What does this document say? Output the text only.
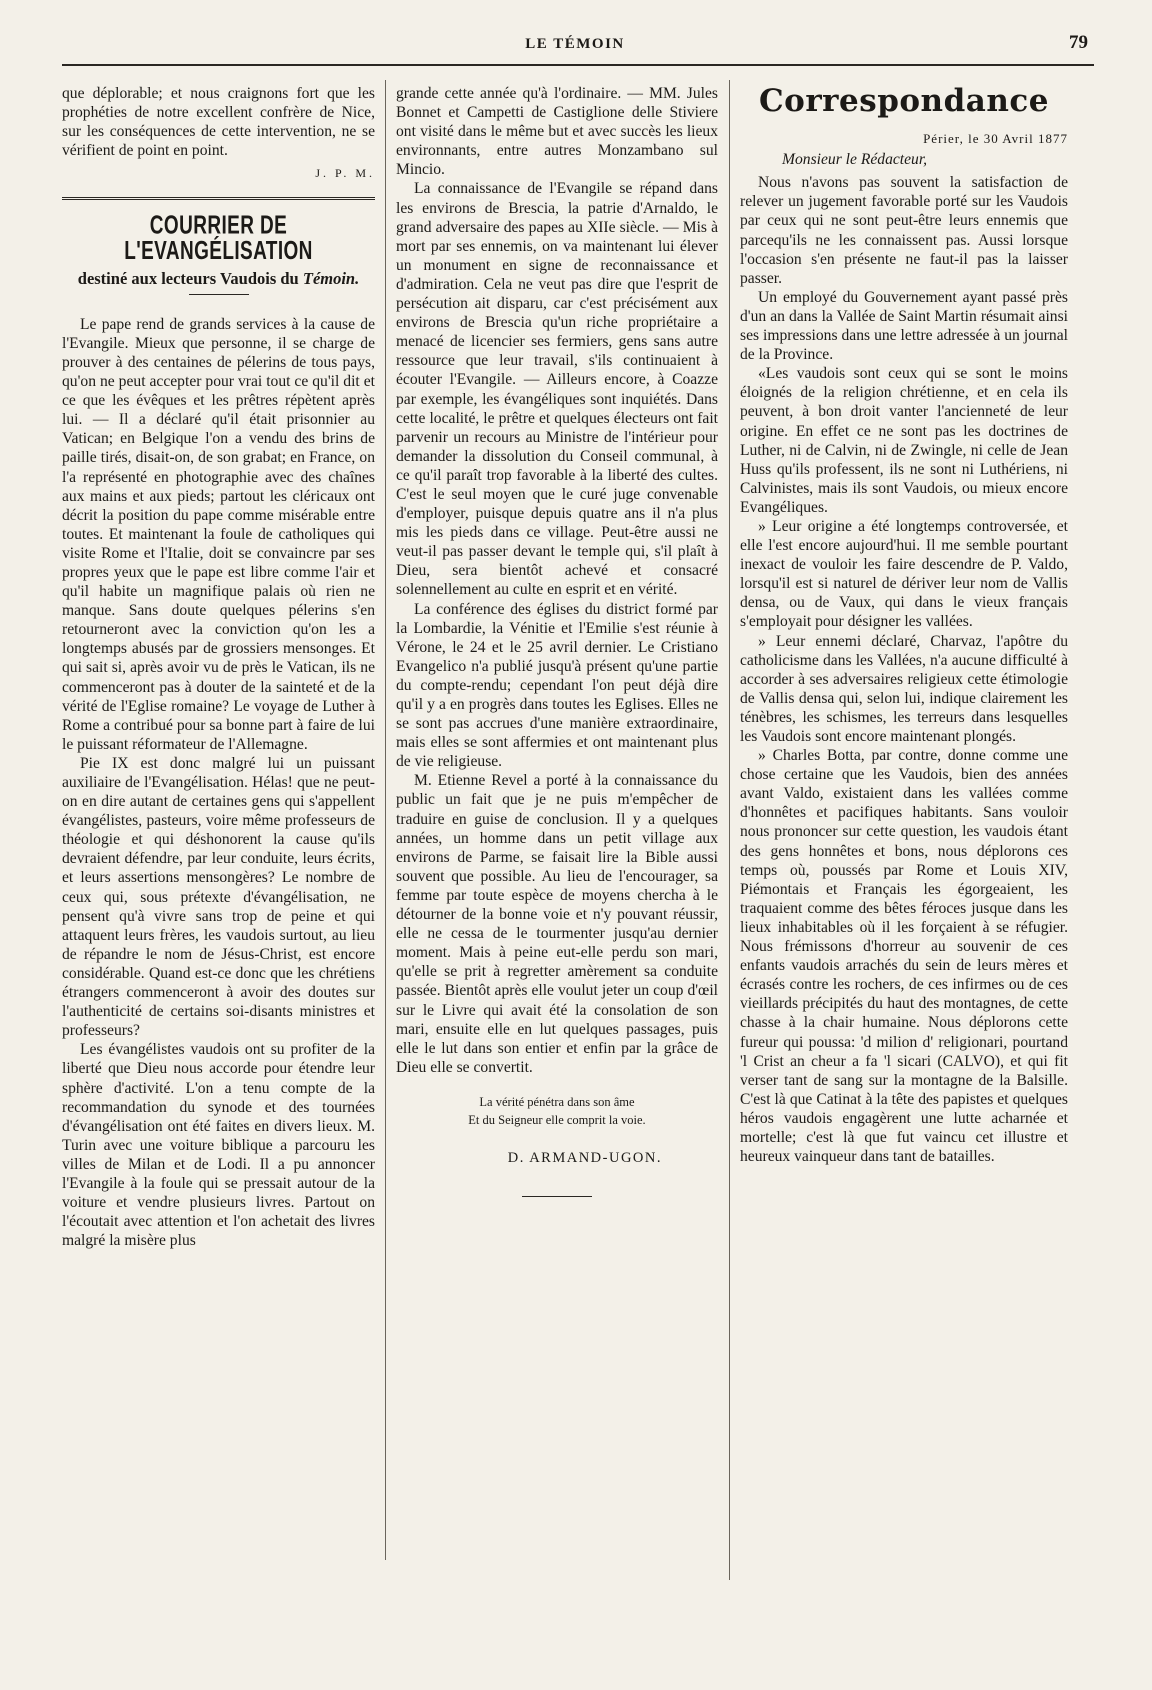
LE TÉMOIN	79

que déplorable; et nous craignons fort que les prophéties de notre excellent confrère de Nice, sur les conséquences de cette intervention, ne se vérifient de point en point.

J. P. M.

COURRIER DE L'EVANGÉLISATION
destiné aux lecteurs Vaudois du Témoin.

Le pape rend de grands services à la cause de l'Evangile. Mieux que personne, il se charge de prouver à des centaines de pélerins de tous pays, qu'on ne peut accepter pour vrai tout ce qu'il dit et ce que les évêques et les prêtres répètent après lui. — Il a déclaré qu'il était prisonnier au Vatican; en Belgique l'on a vendu des brins de paille tirés, disait-on, de son grabat; en France, on l'a représenté en photographie avec des chaînes aux mains et aux pieds; partout les cléricaux ont décrit la position du pape comme misérable entre toutes. Et maintenant la foule de catholiques qui visite Rome et l'Italie, doit se convaincre par ses propres yeux que le pape est libre comme l'air et qu'il habite un magnifique palais où rien ne manque. Sans doute quelques pélerins s'en retourneront avec la conviction qu'on les a longtemps abusés par de grossiers mensonges. Et qui sait si, après avoir vu de près le Vatican, ils ne commenceront pas à douter de la sainteté et de la vérité de l'Eglise romaine? Le voyage de Luther à Rome a contribué pour sa bonne part à faire de lui le puissant réformateur de l'Allemagne.

Pie IX est donc malgré lui un puissant auxiliaire de l'Evangélisation. Hélas! que ne peut-on en dire autant de certaines gens qui s'appellent évangélistes, pasteurs, voire même professeurs de théologie et qui déshonorent la cause qu'ils devraient défendre, par leur conduite, leurs écrits, et leurs assertions mensongères? Le nombre de ceux qui, sous prétexte d'évangélisation, ne pensent qu'à vivre sans trop de peine et qui attaquent leurs frères, les vaudois surtout, au lieu de répandre le nom de Jésus-Christ, est encore considérable. Quand est-ce donc que les chrétiens étrangers commenceront à avoir des doutes sur l'authenticité de certains soi-disants ministres et professeurs?

Les évangélistes vaudois ont su profiter de la liberté que Dieu nous accorde pour étendre leur sphère d'activité. L'on a tenu compte de la recommandation du synode et des tournées d'évangélisation ont été faites en divers lieux. M. Turin avec une voiture biblique a parcouru les villes de Milan et de Lodi. Il a pu annoncer l'Evangile à la foule qui se pressait autour de la voiture et vendre plusieurs livres. Partout on l'écoutait avec attention et l'on achetait des livres malgré la misère plus

grande cette année qu'à l'ordinaire. — MM. Jules Bonnet et Campetti de Castiglione delle Stiviere ont visité dans le même but et avec succès les lieux environnants, entre autres Monzambano sul Mincio.

La connaissance de l'Evangile se répand dans les environs de Brescia, la patrie d'Arnaldo, le grand adversaire des papes au XIIe siècle. — Mis à mort par ses ennemis, on va maintenant lui élever un monument en signe de reconnaissance et d'admiration. Cela ne veut pas dire que l'esprit de persécution ait disparu, car c'est précisément aux environs de Brescia qu'un riche propriétaire a menacé de licencier ses fermiers, gens sans autre ressource que leur travail, s'ils continuaient à écouter l'Evangile. — Ailleurs encore, à Coazze par exemple, les évangéliques sont inquiétés. Dans cette localité, le prêtre et quelques électeurs ont fait parvenir un recours au Ministre de l'intérieur pour demander la dissolution du Conseil communal, à ce qu'il paraît trop favorable à la liberté des cultes. C'est le seul moyen que le curé juge convenable d'employer, puisque depuis quatre ans il n'a plus mis les pieds dans ce village. Peut-être aussi ne veut-il pas passer devant le temple qui, s'il plaît à Dieu, sera bientôt achevé et consacré solennellement au culte en esprit et en vérité.

La conférence des églises du district formé par la Lombardie, la Vénitie et l'Emilie s'est réunie à Vérone, le 24 et le 25 avril dernier. Le Cristiano Evangelico n'a publié jusqu'à présent qu'une partie du compte-rendu; cependant l'on peut déjà dire qu'il y a en progrès dans toutes les Eglises. Elles ne se sont pas accrues d'une manière extraordinaire, mais elles se sont affermies et ont maintenant plus de vie religieuse.

M. Etienne Revel a porté à la connaissance du public un fait que je ne puis m'empêcher de traduire en guise de conclusion. Il y a quelques années, un homme dans un petit village aux environs de Parme, se faisait lire la Bible aussi souvent que possible. Au lieu de l'encourager, sa femme par toute espèce de moyens chercha à le détourner de la bonne voie et n'y pouvant réussir, elle ne cessa de le tourmenter jusqu'au dernier moment. Mais à peine eut-elle perdu son mari, qu'elle se prit à regretter amèrement sa conduite passée. Bientôt après elle voulut jeter un coup d'œil sur le Livre qui avait été la consolation de son mari, ensuite elle en lut quelques passages, puis elle le lut dans son entier et enfin par la grâce de Dieu elle se convertit.

La vérité pénétra dans son âme
Et du Seigneur elle comprit la voie.
D. ARMAND-UGON.
Correspondance
Périer, le 30 Avril 1877
Monsieur le Rédacteur,

Nous n'avons pas souvent la satisfaction de relever un jugement favorable porté sur les Vaudois par ceux qui ne sont peut-être leurs ennemis que parcequ'ils ne les connaissent pas. Aussi lorsque l'occasion s'en présente ne faut-il pas la laisser passer.

Un employé du Gouvernement ayant passé près d'un an dans la Vallée de Saint Martin résumait ainsi ses impressions dans une lettre adressée à un journal de la Province.

«Les vaudois sont ceux qui se sont le moins éloignés de la religion chrétienne, et en cela ils peuvent, à bon droit vanter l'ancienneté de leur origine. En effet ce ne sont pas les doctrines de Luther, ni de Calvin, ni de Zwingle, ni celle de Jean Huss qu'ils professent, ils ne sont ni Luthériens, ni Calvinistes, mais ils sont Vaudois, ou mieux encore Evangéliques.

» Leur origine a été longtemps controversée, et elle l'est encore aujourd'hui. Il me semble pourtant inexact de vouloir les faire descendre de P. Valdo, lorsqu'il est si naturel de dériver leur nom de Vallis densa, ou de Vaux, qui dans le vieux français s'employait pour désigner les vallées.

» Leur ennemi déclaré, Charvaz, l'apôtre du catholicisme dans les Vallées, n'a aucune difficulté à accorder à ses adversaires religieux cette étimologie de Vallis densa qui, selon lui, indique clairement les ténèbres, les schismes, les terreurs dans lesquelles les Vaudois sont encore maintenant plongés.

» Charles Botta, par contre, donne comme une chose certaine que les Vaudois, bien des années avant Valdo, existaient dans les vallées comme d'honnêtes et pacifiques habitants. Sans vouloir nous prononcer sur cette question, les vaudois étant des gens honnêtes et bons, nous déplorons ces temps où, poussés par Rome et Louis XIV, Piémontais et Français les égorgeaient, les traquaient comme des bêtes féroces jusque dans les lieux inhabitables où il les forçaient à se réfugier. Nous frémissons d'horreur au souvenir de ces enfants vaudois arrachés du sein de leurs mères et écrasés contre les rochers, de ces infirmes ou de ces vieillards précipités du haut des montagnes, de cette chasse à la chair humaine. Nous déplorons cette fureur qui poussa: 'd milion d' religionari, pourtand 'l Crist an cheur a fa 'l sicari (CALVO), et qui fit verser tant de sang sur la montagne de la Balsille. C'est là que Catinat à la tête des papistes et quelques héros vaudois engagèrent une lutte acharnée et mortelle; c'est là que fut vaincu cet illustre et heureux vainqueur dans tant de batailles.
